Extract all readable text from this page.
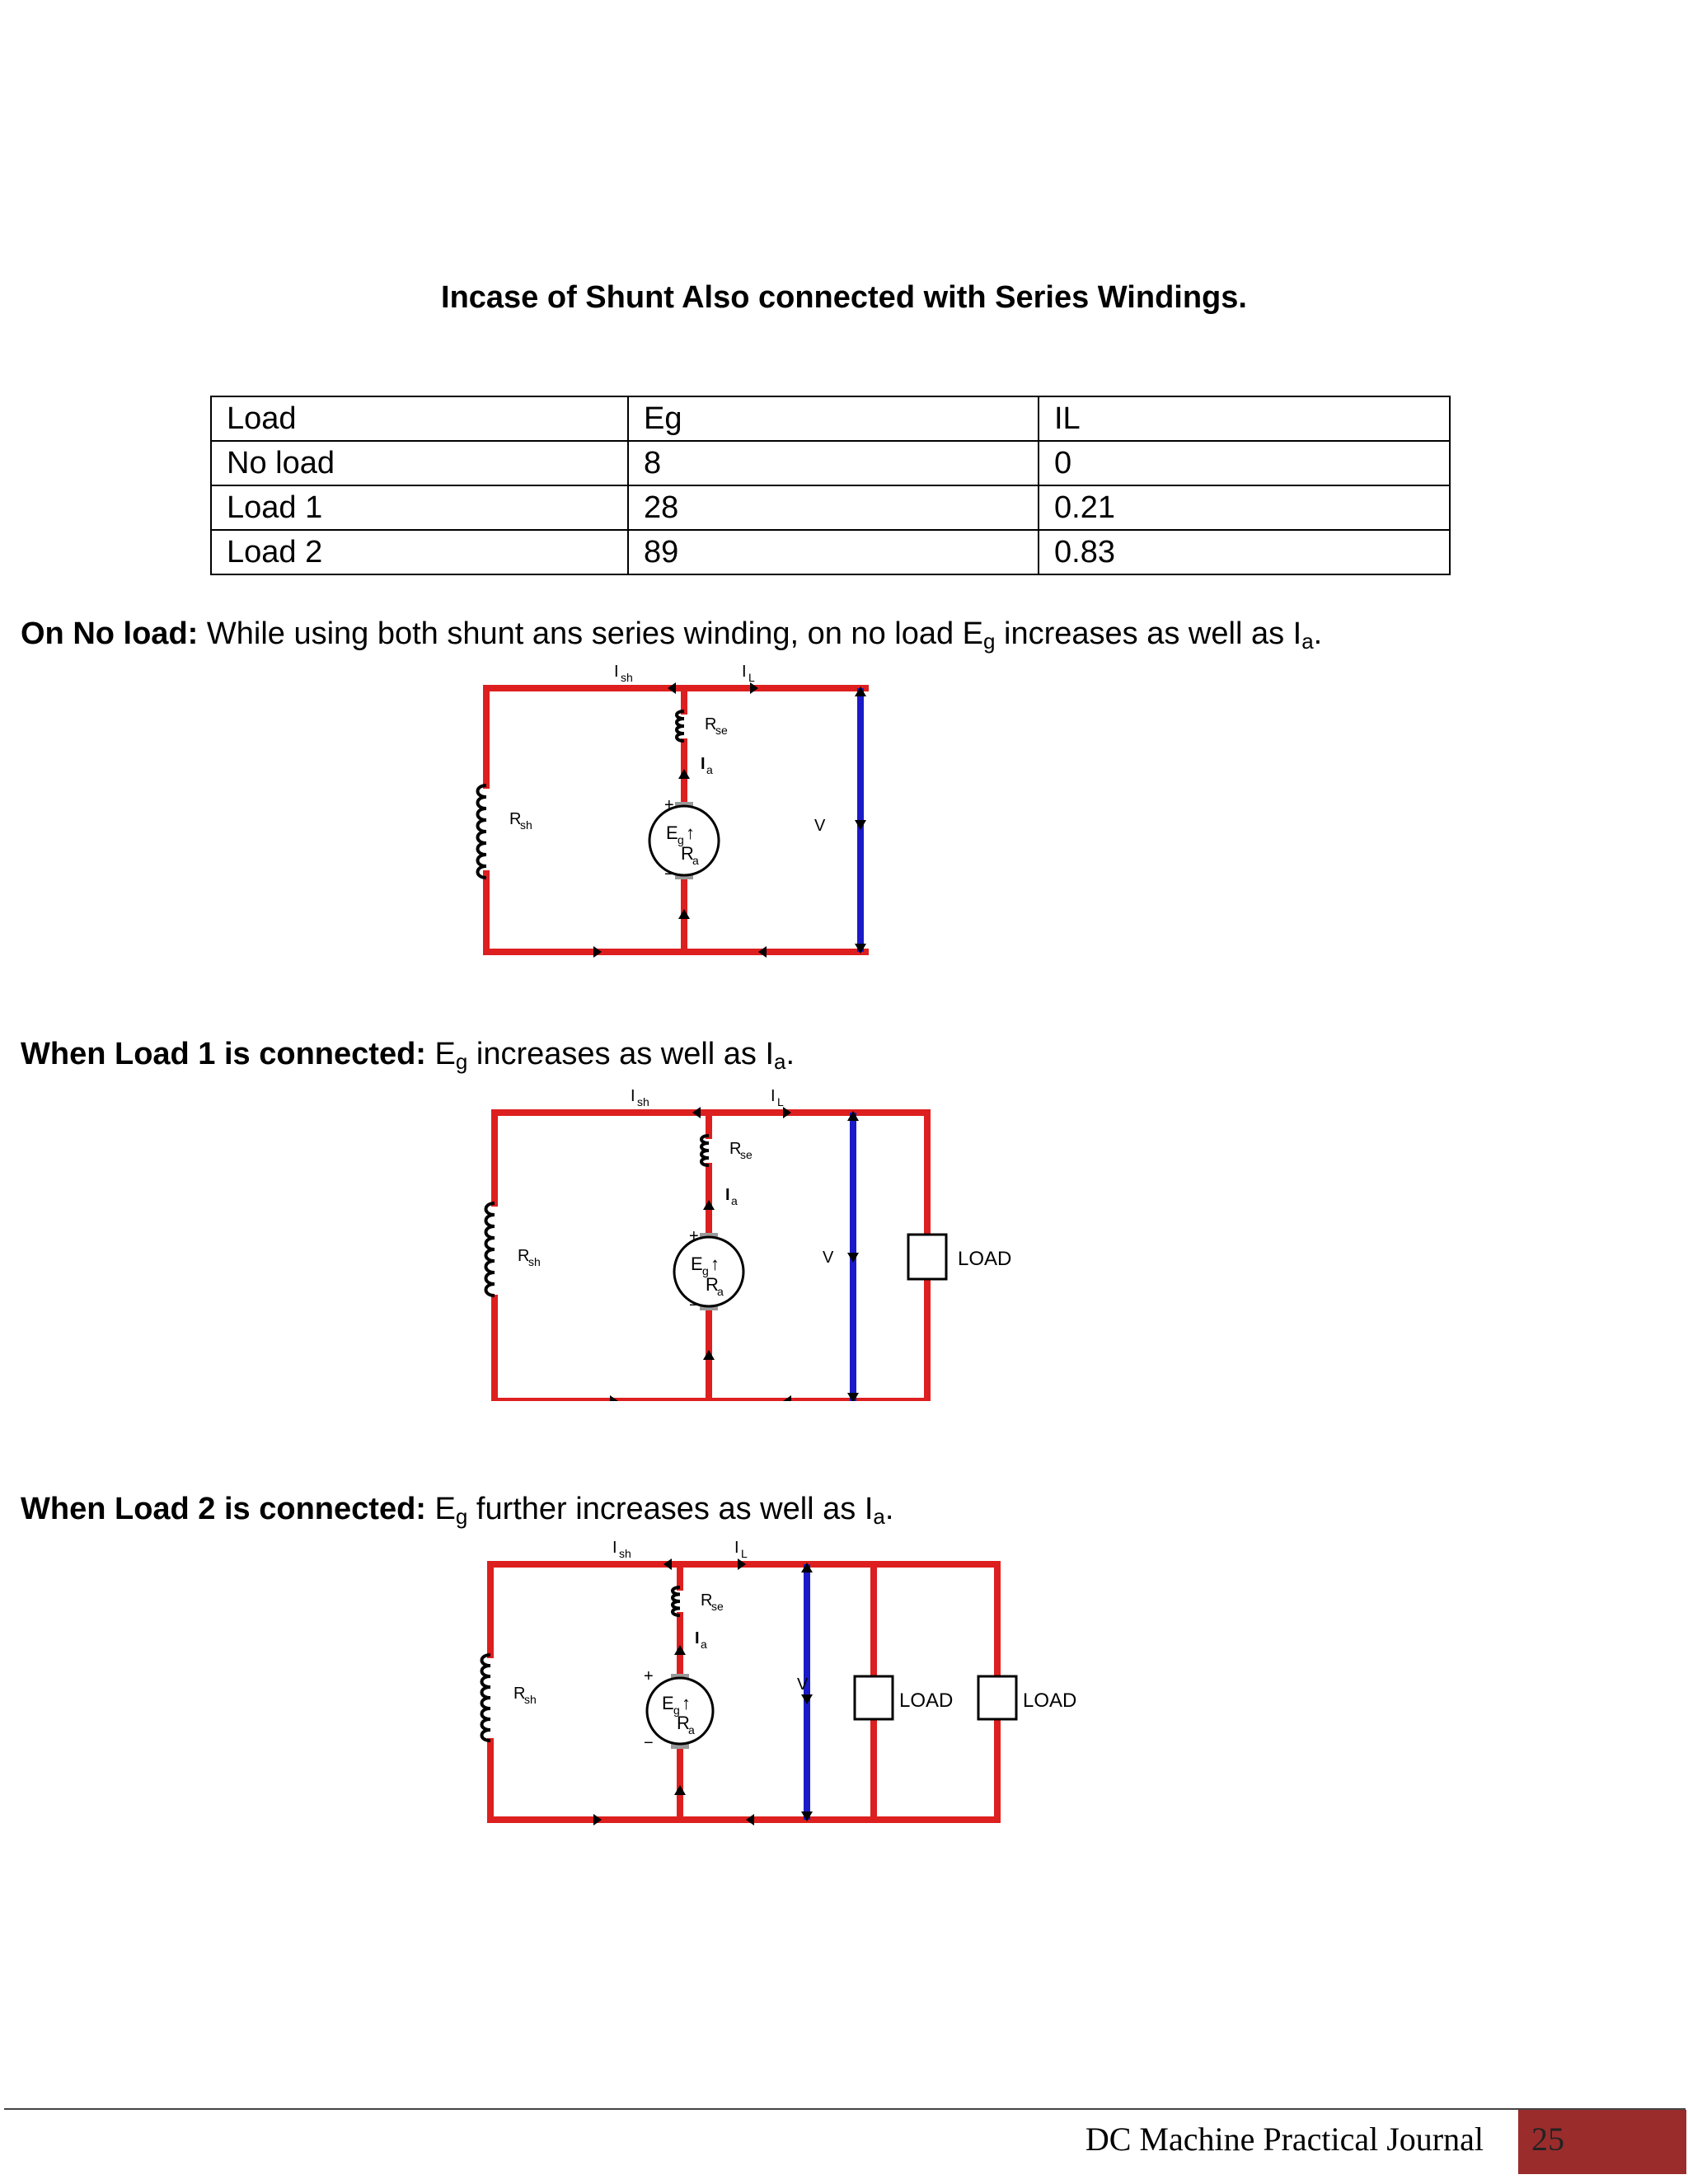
Incase of Shunt Also connected with Series Windings.
Load	Eg	IL
No load	8	0
Load 1	28	0.21
Load 2	89	0.83
On No load: While using both shunt ans series winding, on no load $E_g$ increases as well as $I_a$.
I sh	I L
R
se
I a
R
sh
+
−
E g ↑
R
a
V
When Load 1 is connected: $E_g$ increases as well as $I_a$.
I sh	I L
R
se
I a
R
sh
+
−
E g ↑
R
a
V	LOAD
When Load 2 is connected: $E_g$ further increases as well as $I_a$.
I sh	I L
R
se
I a
R
sh
+
−
E g ↑
R
a
V
LOAD	LOAD
DC Machine Practical Journal 25
